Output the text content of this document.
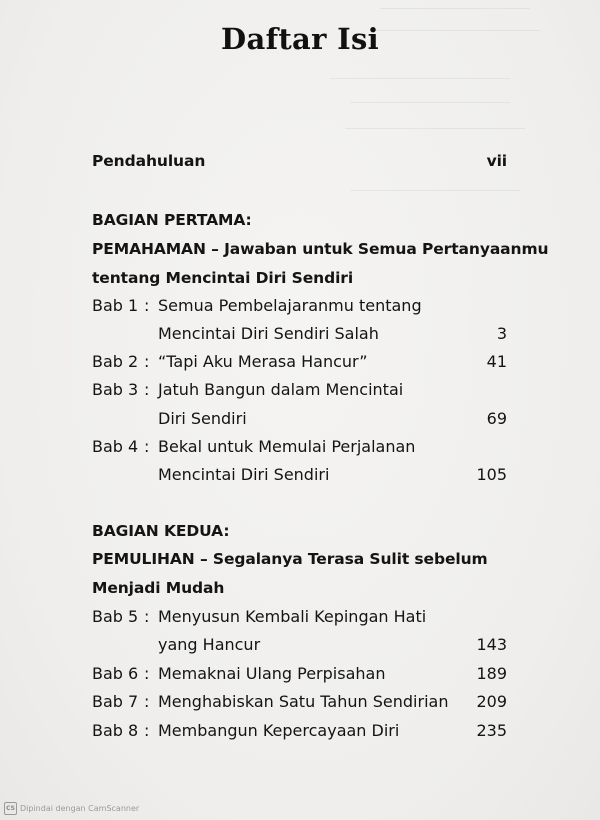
Daftar Isi
Pendahuluan	vii
BAGIAN PERTAMA:
PEMAHAMAN – Jawaban untuk Semua Pertanyaanmu
tentang Mencintai Diri Sendiri
Bab 1 : Semua Pembelajaranmu tentang
Mencintai Diri Sendiri Salah	3
Bab 2 : “Tapi Aku Merasa Hancur”	41
Bab 3 : Jatuh Bangun dalam Mencintai
Diri Sendiri	69
Bab 4 : Bekal untuk Memulai Perjalanan
Mencintai Diri Sendiri	105
BAGIAN KEDUA:
PEMULIHAN – Segalanya Terasa Sulit sebelum
Menjadi Mudah
Bab 5 : Menyusun Kembali Kepingan Hati
yang Hancur	143
Bab 6 : Memaknai Ulang Perpisahan	189
Bab 7 : Menghabiskan Satu Tahun Sendirian 209
Bab 8 : Membangun Kepercayaan Diri	235
CS Dipindai dengan CamScanner
